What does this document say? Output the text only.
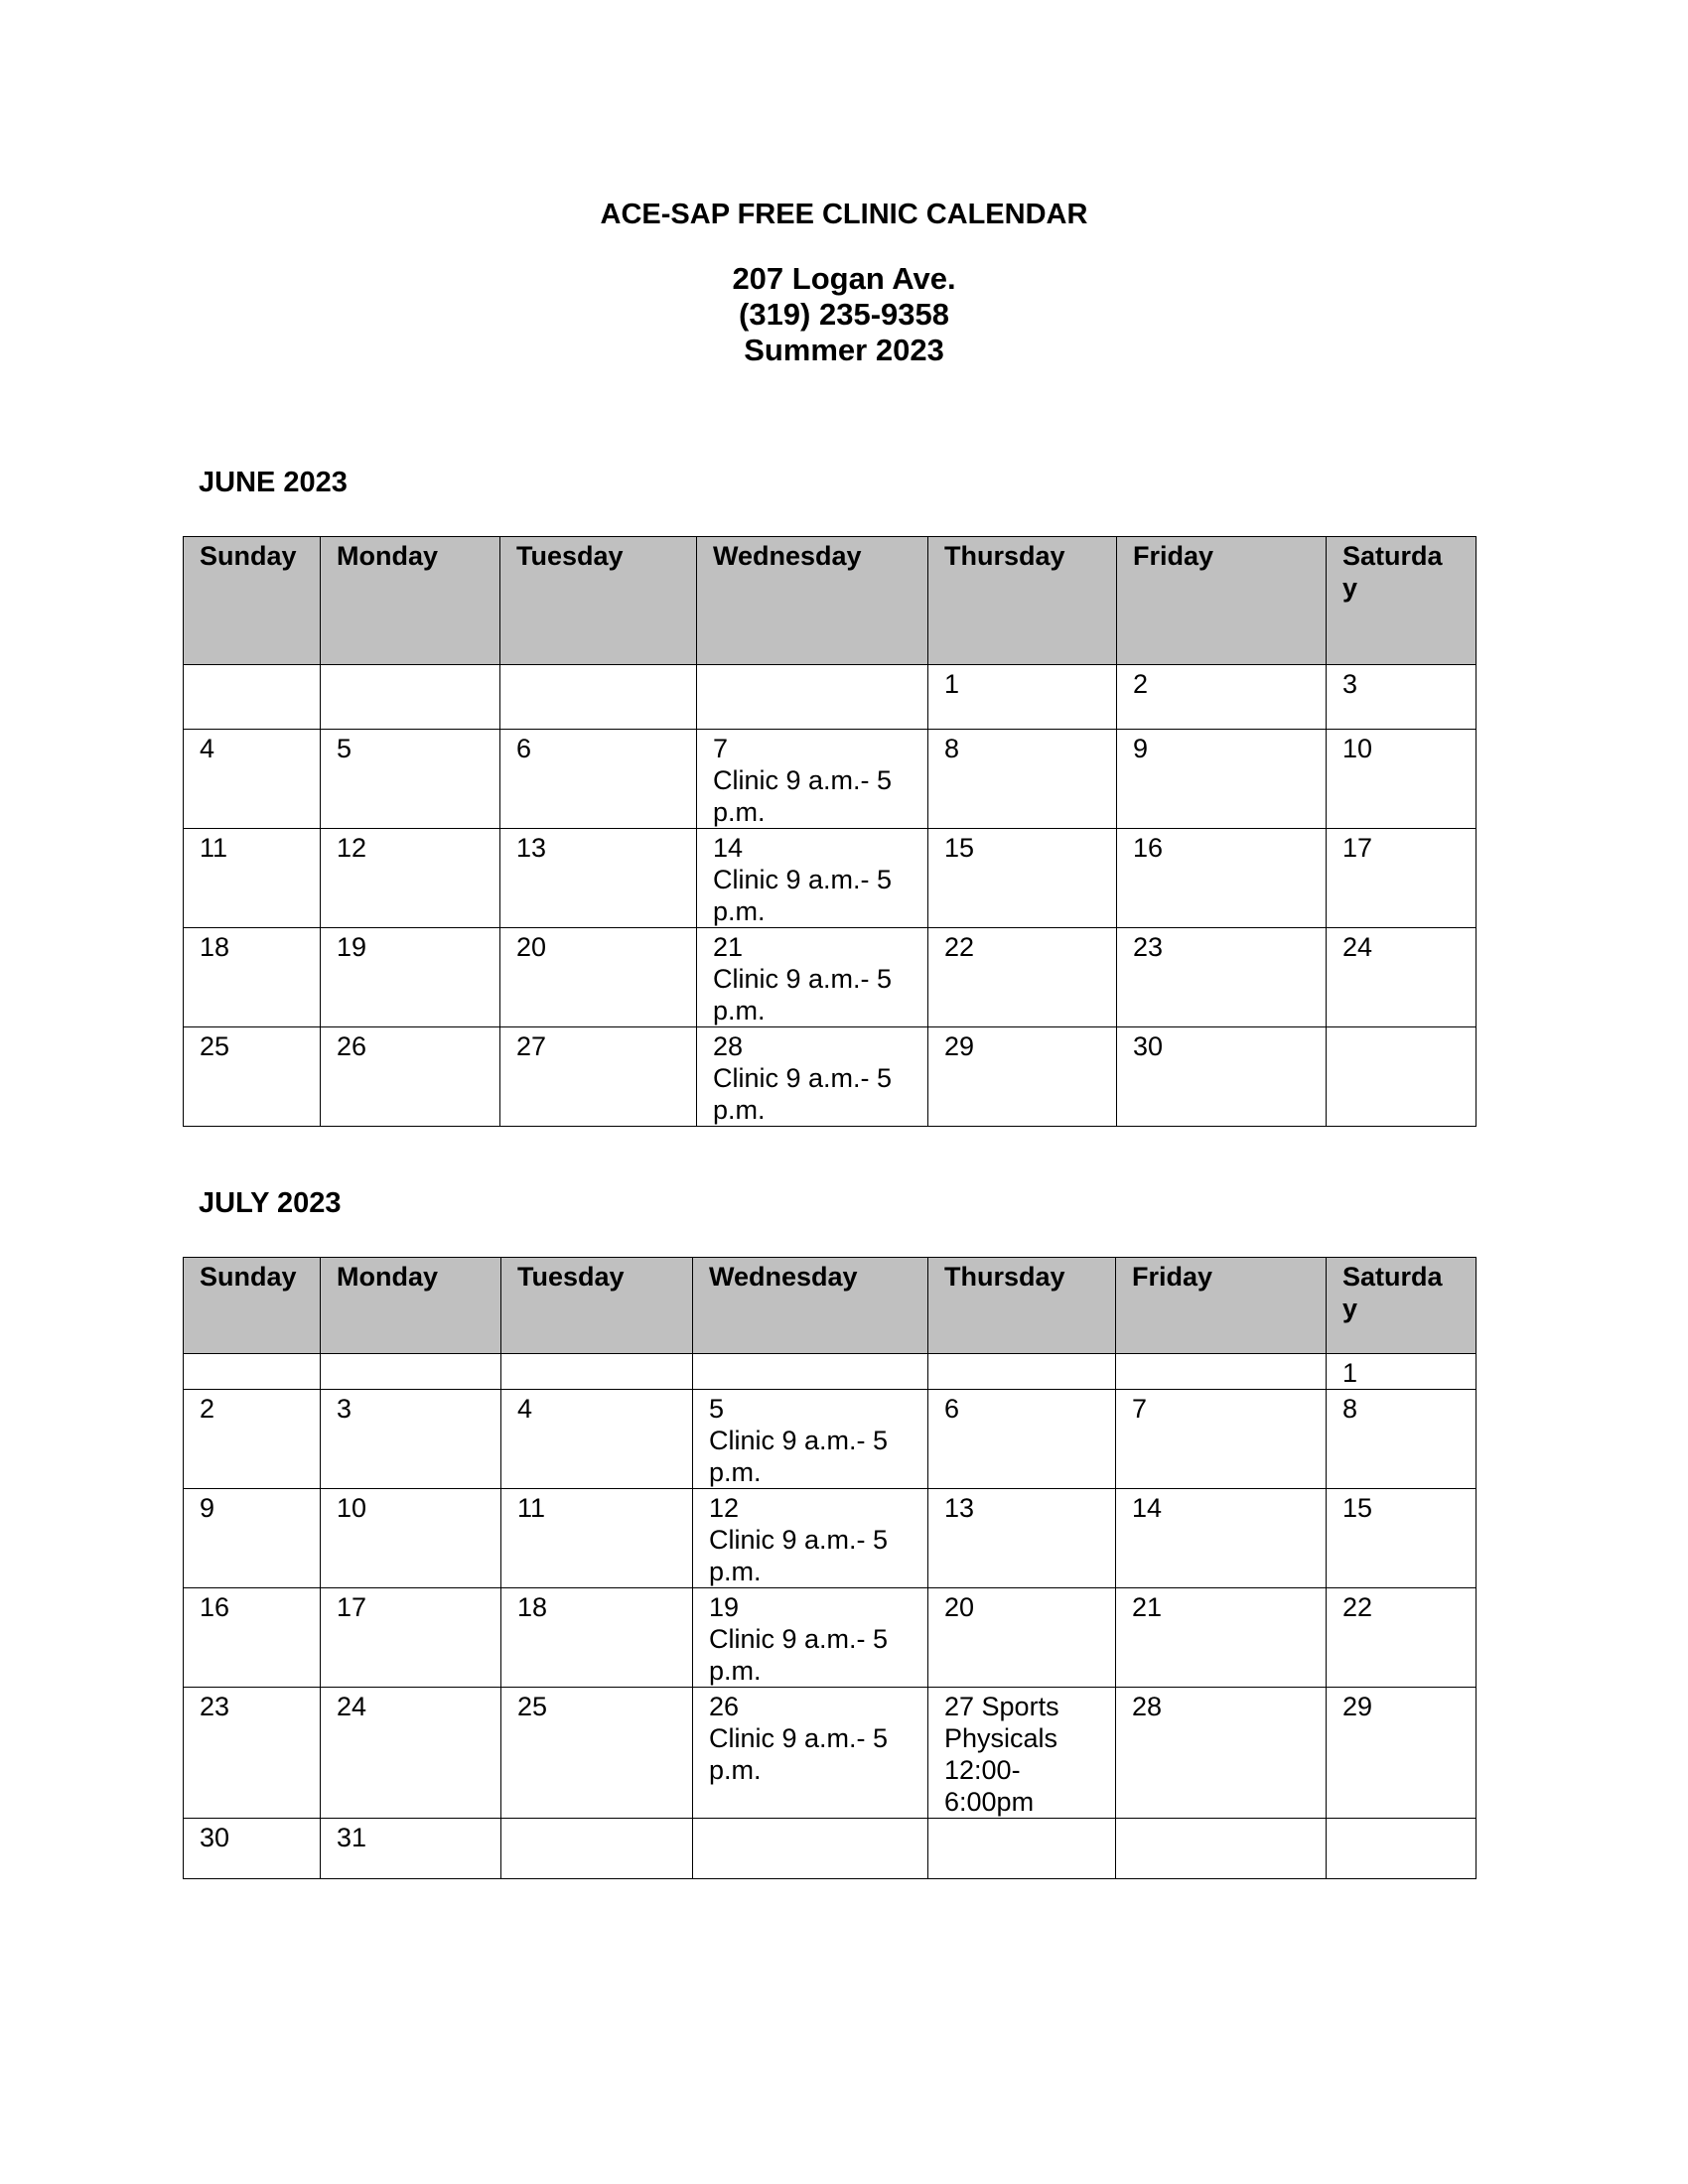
ACE-SAP FREE CLINIC CALENDAR
207 Logan Ave.
(319) 235-9358
Summer 2023
JUNE 2023
Sunday	Monday	Tuesday	Wednesday	Thursday	Friday	Saturda
y

				1	2	3

4	5	6	7
Clinic 9 a.m.- 5
p.m.	8	9	10

11	12	13	14
Clinic 9 a.m.- 5
p.m.	15	16	17

18	19	20	21
Clinic 9 a.m.- 5
p.m.	22	23	24

25	26	27	28
Clinic 9 a.m.- 5
p.m.	29	30	

JULY 2023
Sunday	Monday	Tuesday	Wednesday	Thursday	Friday	Saturda
y

						1

2	3	4	5
Clinic 9 a.m.- 5
p.m.	6	7	8

9	10	11	12
Clinic 9 a.m.- 5
p.m.	13	14	15

16	17	18	19
Clinic 9 a.m.- 5
p.m.	20	21	22

23	24	25	26
Clinic 9 a.m.- 5
p.m.	27 Sports
Physicals
12:00-
6:00pm	28	29

30	31					
